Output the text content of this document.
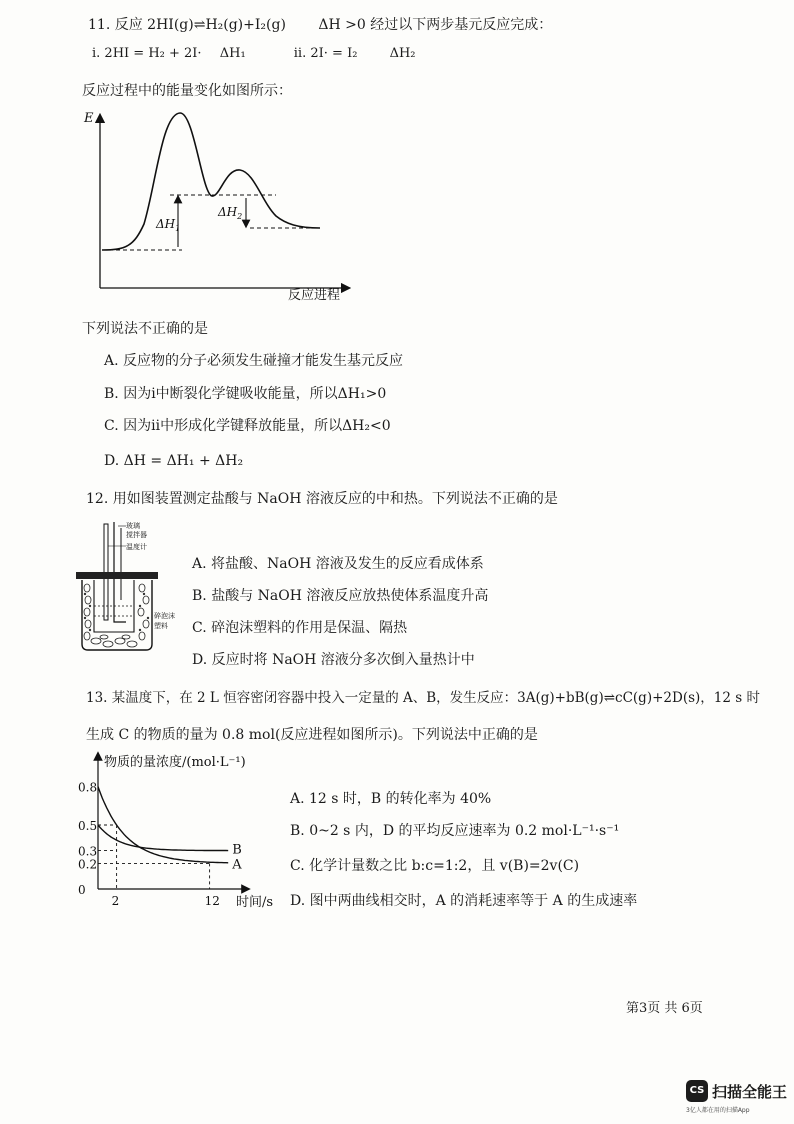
11. 反应 2HI(g)⇌H₂(g)+I₂(g) ΔH >0 经过以下两步基元反应完成：
ⅰ. 2HI = H₂ + 2I· ΔH₁	ⅱ. 2I· = I₂ ΔH₂
反应过程中的能量变化如图所示：
E
反应进程
$\Delta H_1$
$\Delta H_2$
下列说法不正确的是
A. 反应物的分子必须发生碰撞才能发生基元反应
B. 因为ⅰ中断裂化学键吸收能量，所以ΔH₁>0
C. 因为ⅱ中形成化学键释放能量，所以ΔH₂<0
D. ΔH = ΔH₁ + ΔH₂
12. 用如图装置测定盐酸与 NaOH 溶液反应的中和热。下列说法不正确的是
玻璃
搅拌器
温度计
碎泡沫
塑料
A. 将盐酸、NaOH 溶液及发生的反应看成体系
B. 盐酸与 NaOH 溶液反应放热使体系温度升高
C. 碎泡沫塑料的作用是保温、隔热
D. 反应时将 NaOH 溶液分多次倒入量热计中
13. 某温度下，在 2 L 恒容密闭容器中投入一定量的 A、B，发生反应：3A(g)+bB(g)⇌cC(g)+2D(s)，12 s 时
生成 C 的物质的量为 0.8 mol(反应进程如图所示)。下列说法中正确的是
物质的量浓度/(mol·L⁻¹)
时间/s
0.8
0.5
0.3
0.2
0
2	12
B
A
A. 12 s 时，B 的转化率为 40%
B. 0~2 s 内，D 的平均反应速率为 0.2 mol·L⁻¹·s⁻¹
C. 化学计量数之比 b:c=1:2，且 v(B)=2v(C)
D. 图中两曲线相交时，A 的消耗速率等于 A 的生成速率
第3页 共 6页
CS 扫描全能王
3亿人都在用的扫描App
